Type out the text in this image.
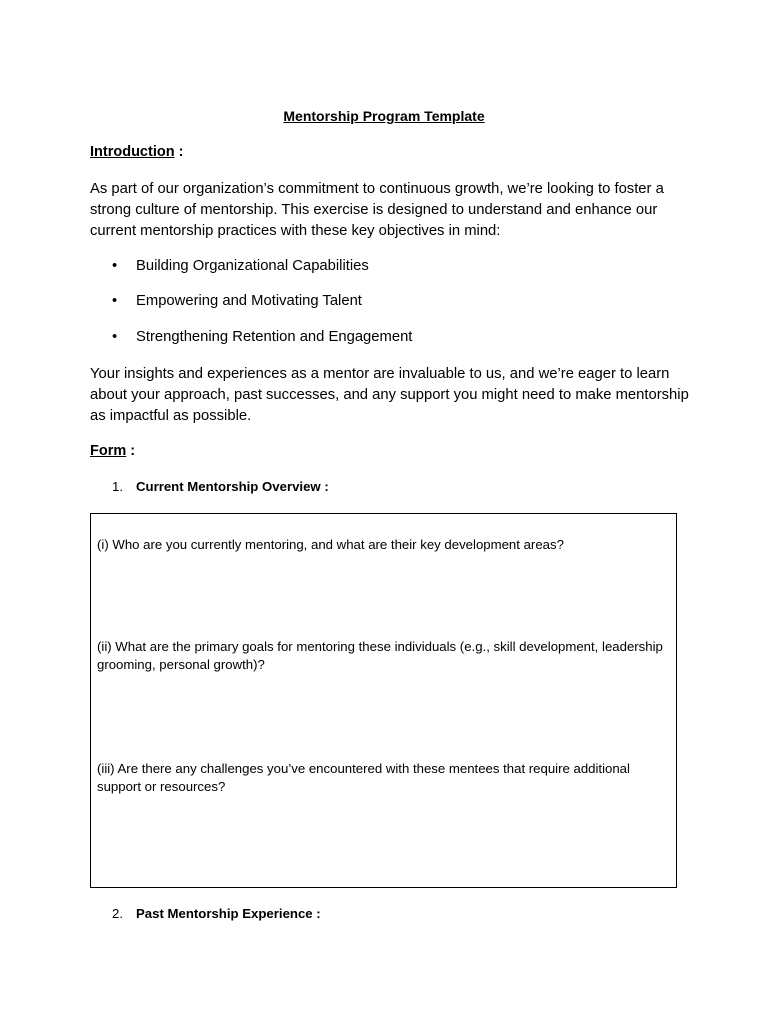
Mentorship Program Template
Introduction :
As part of our organization’s commitment to continuous growth, we’re looking to foster a strong culture of mentorship. This exercise is designed to understand and enhance our current mentorship practices with these key objectives in mind:
• Building Organizational Capabilities
• Empowering and Motivating Talent
• Strengthening Retention and Engagement
Your insights and experiences as a mentor are invaluable to us, and we’re eager to learn about your approach, past successes, and any support you might need to make mentorship as impactful as possible.
Form :
1. Current Mentorship Overview :
(i) Who are you currently mentoring, and what are their key development areas?
(ii) What are the primary goals for mentoring these individuals (e.g., skill development, leadership grooming, personal growth)?
(iii) Are there any challenges you’ve encountered with these mentees that require additional support or resources?
2. Past Mentorship Experience :
